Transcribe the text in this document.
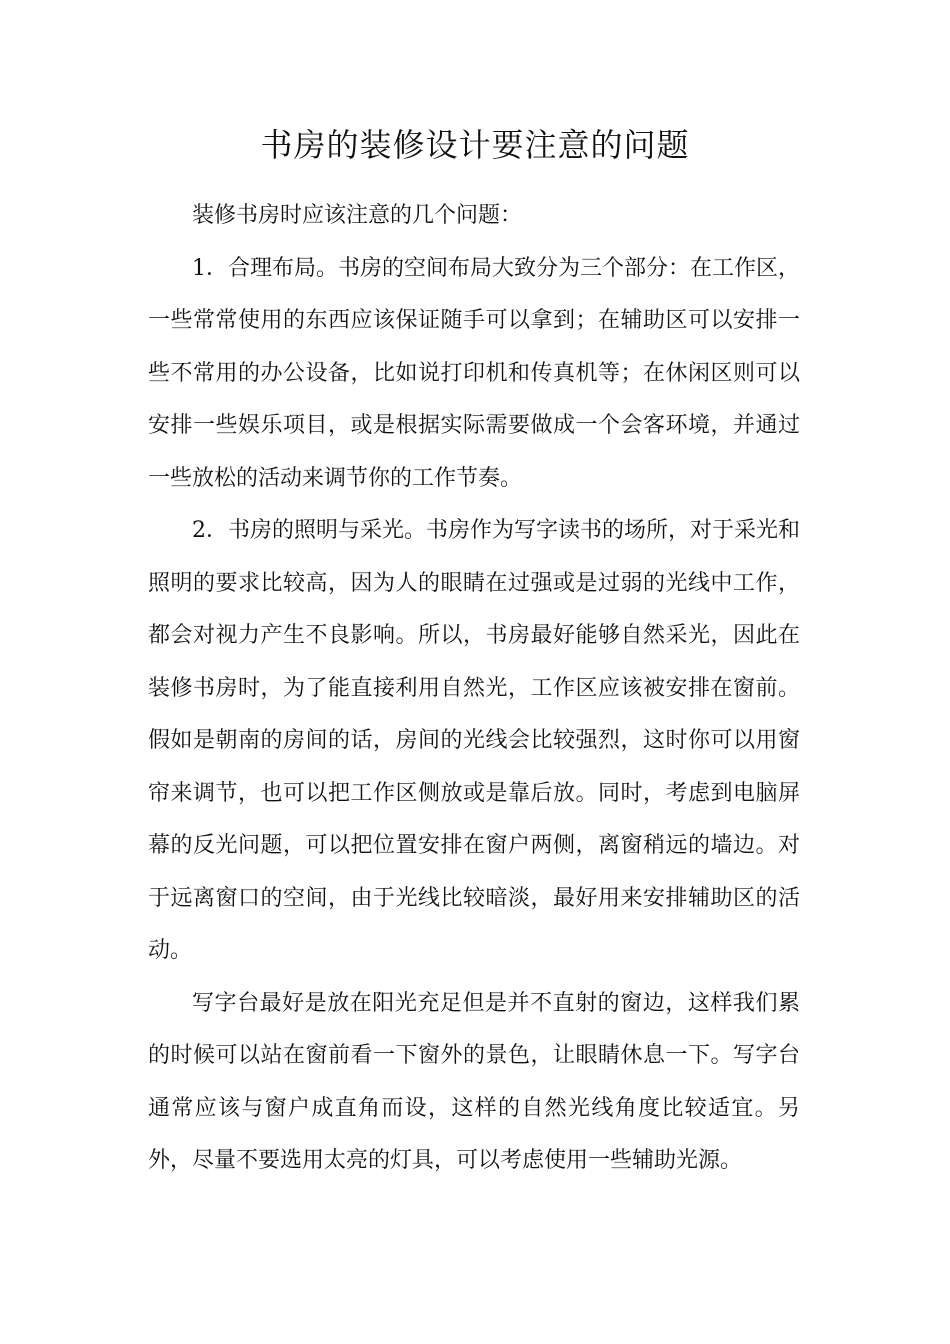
书房的装修设计要注意的问题

装修书房时应该注意的几个问题：

1．合理布局。书房的空间布局大致分为三个部分：在工作区，一些常常使用的东西应该保证随手可以拿到；在辅助区可以安排一些不常用的办公设备，比如说打印机和传真机等；在休闲区则可以安排一些娱乐项目，或是根据实际需要做成一个会客环境，并通过一些放松的活动来调节你的工作节奏。

2．书房的照明与采光。书房作为写字读书的场所，对于采光和照明的要求比较高，因为人的眼睛在过强或是过弱的光线中工作，都会对视力产生不良影响。所以，书房最好能够自然采光，因此在装修书房时，为了能直接利用自然光，工作区应该被安排在窗前。假如是朝南的房间的话，房间的光线会比较强烈，这时你可以用窗帘来调节，也可以把工作区侧放或是靠后放。同时，考虑到电脑屏幕的反光问题，可以把位置安排在窗户两侧，离窗稍远的墙边。对于远离窗口的空间，由于光线比较暗淡，最好用来安排辅助区的活动。

写字台最好是放在阳光充足但是并不直射的窗边，这样我们累的时候可以站在窗前看一下窗外的景色，让眼睛休息一下。写字台通常应该与窗户成直角而设，这样的自然光线角度比较适宜。另外，尽量不要选用太亮的灯具，可以考虑使用一些辅助光源。
